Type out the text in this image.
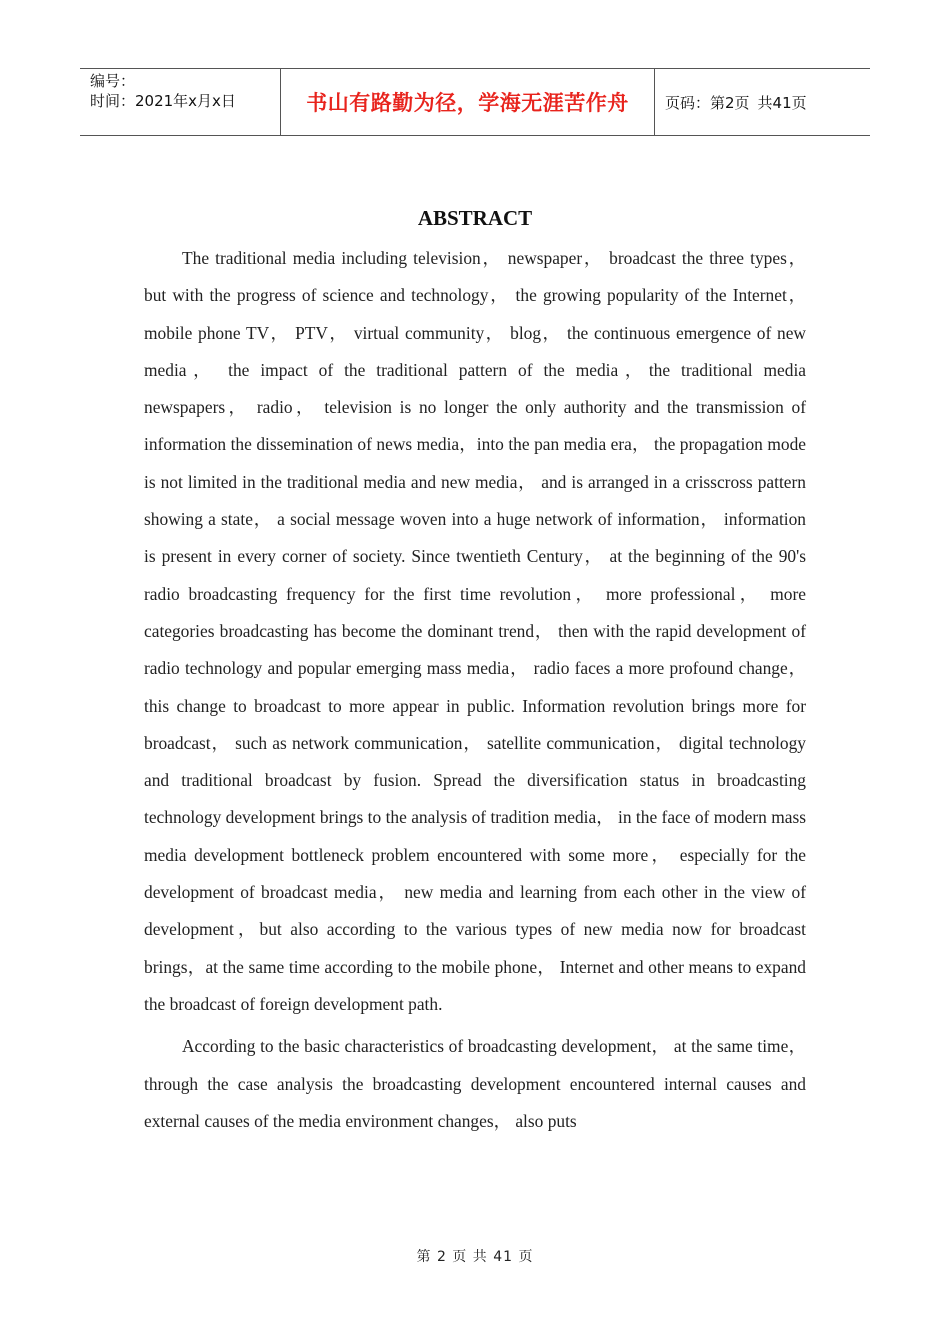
编号：
时间：2021年x月x日	书山有路勤为径，学海无涯苦作舟	页码：第2页 共41页
ABSTRACT

The traditional media including television， newspaper， broadcast the three types， but with the progress of science and technology， the growing popularity of the Internet， mobile phone TV， PTV， virtual community， blog， the continuous emergence of new media， the impact of the traditional pattern of the media，the traditional media newspapers， radio， television is no longer the only authority and the transmission of information the dissemination of news media，into the pan media era， the propagation mode is not limited in the traditional media and new media， and is arranged in a crisscross pattern showing a state， a social message woven into a huge network of information， information is present in every corner of society. Since twentieth Century， at the beginning of the 90's radio broadcasting frequency for the first time revolution， more professional， more categories broadcasting has become the dominant trend， then with the rapid development of radio technology and popular emerging mass media， radio faces a more profound change， this change to broadcast to more appear in public. Information revolution brings more for broadcast， such as network communication， satellite communication， digital technology and traditional broadcast by fusion. Spread the diversification status in broadcasting technology development brings to the analysis of tradition media， in the face of modern mass media development bottleneck problem encountered with some more， especially for the development of broadcast media， new media and learning from each other in the view of development，but also according to the various types of new media now for broadcast brings，at the same time according to the mobile phone， Internet and other means to expand the broadcast of foreign development path.

According to the basic characteristics of broadcasting development， at the same time， through the case analysis the broadcasting development encountered internal causes and external causes of the media environment changes， also puts

第 2 页 共 41 页
